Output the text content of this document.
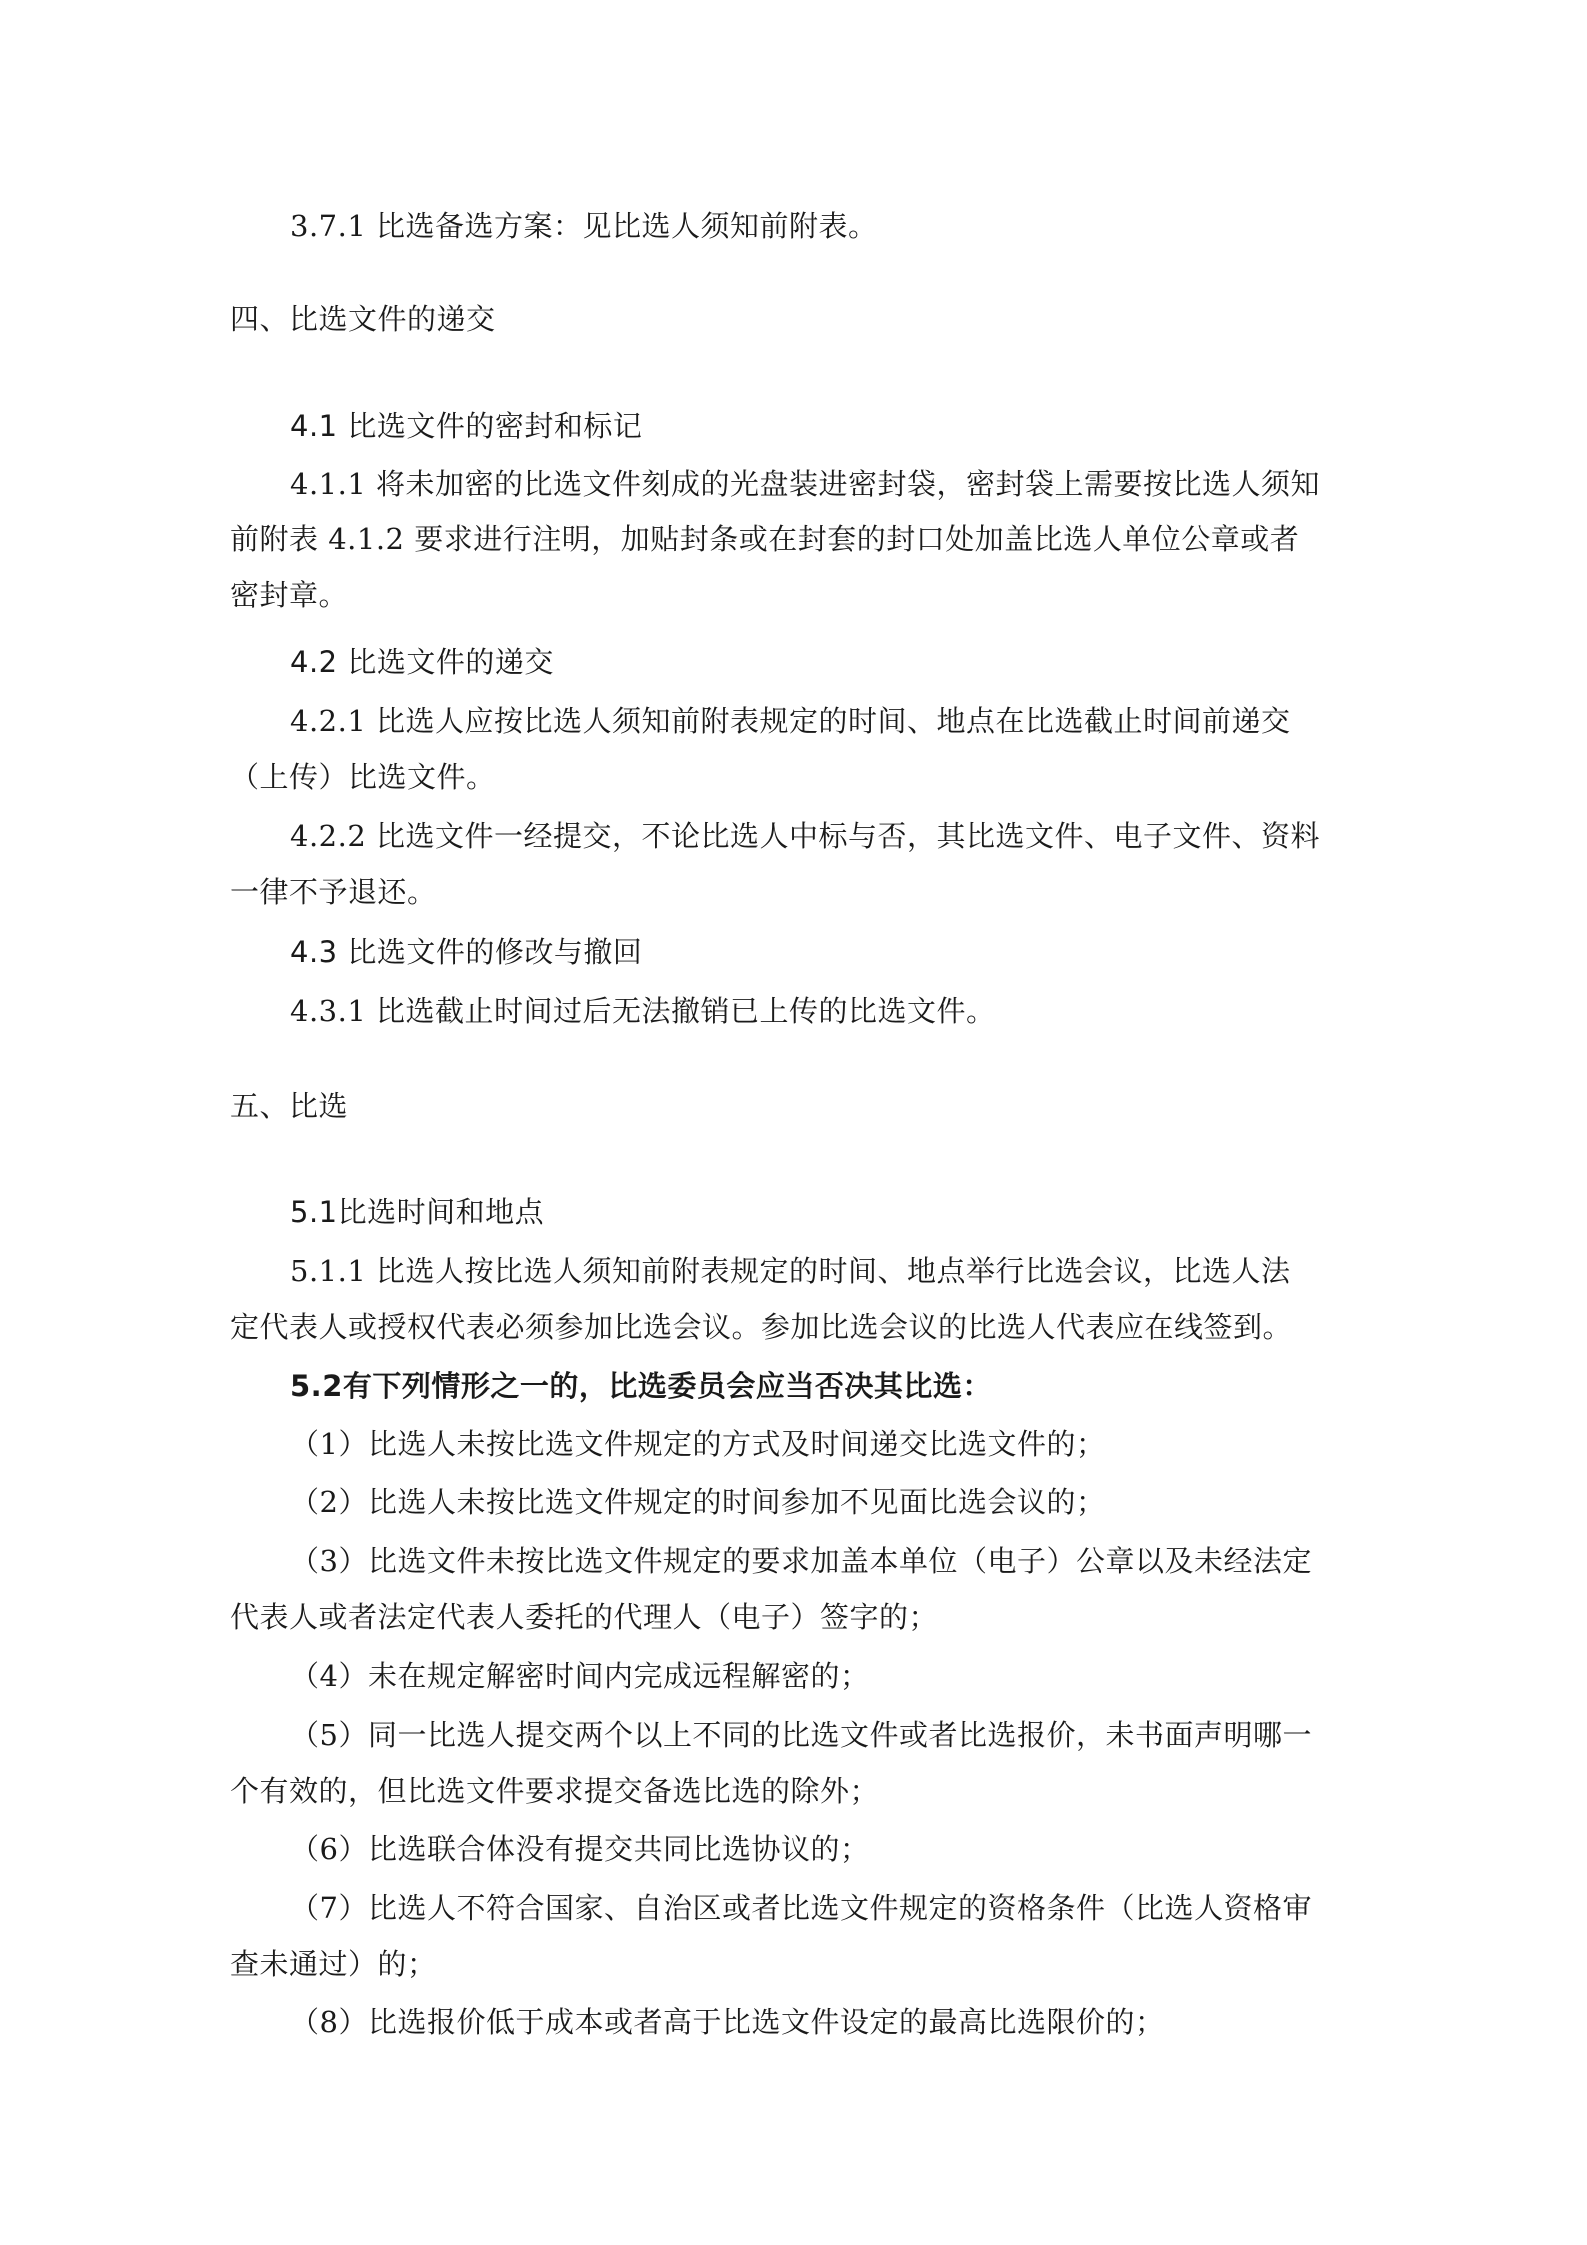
3.7.1 比选备选方案：见比选人须知前附表。
四、比选文件的递交
4.1 比选文件的密封和标记
4.1.1 将未加密的比选文件刻成的光盘装进密封袋，密封袋上需要按比选人须知
前附表 4.1.2 要求进行注明，加贴封条或在封套的封口处加盖比选人单位公章或者
密封章。
4.2 比选文件的递交
4.2.1 比选人应按比选人须知前附表规定的时间、地点在比选截止时间前递交
（上传）比选文件。
4.2.2 比选文件一经提交，不论比选人中标与否，其比选文件、电子文件、资料
一律不予退还。
4.3 比选文件的修改与撤回
4.3.1 比选截止时间过后无法撤销已上传的比选文件。
五、比选
5.1比选时间和地点
5.1.1 比选人按比选人须知前附表规定的时间、地点举行比选会议，比选人法
定代表人或授权代表必须参加比选会议。参加比选会议的比选人代表应在线签到。
5.2有下列情形之一的，比选委员会应当否决其比选：
（1）比选人未按比选文件规定的方式及时间递交比选文件的；
（2）比选人未按比选文件规定的时间参加不见面比选会议的；
（3）比选文件未按比选文件规定的要求加盖本单位（电子）公章以及未经法定
代表人或者法定代表人委托的代理人（电子）签字的；
（4）未在规定解密时间内完成远程解密的；
（5）同一比选人提交两个以上不同的比选文件或者比选报价，未书面声明哪一
个有效的，但比选文件要求提交备选比选的除外；
（6）比选联合体没有提交共同比选协议的；
（7）比选人不符合国家、自治区或者比选文件规定的资格条件（比选人资格审
查未通过）的；
（8）比选报价低于成本或者高于比选文件设定的最高比选限价的；
